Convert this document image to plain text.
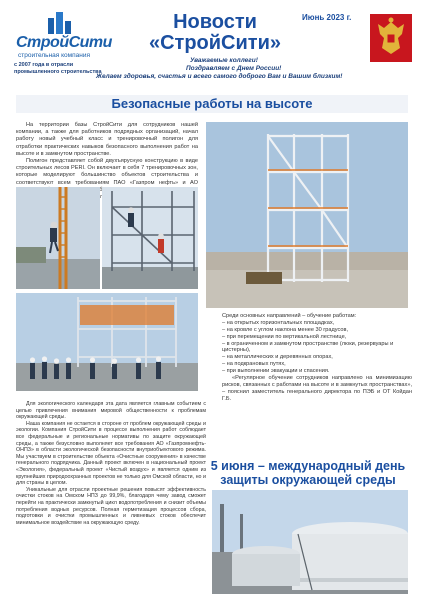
СтройСити
строительная компания
с 2007 года в отрасли промышленного строительства
Новости
«СтройСити»
Июнь 2023 г.
Уважаемые коллеги!
Поздравляем с Днем России!
Желаем здоровья, счастья и всего самого доброго Вам и Вашим близким!
Безопасные работы на высоте
На территории базы СтройСити для сотрудников нашей компании, а также для работников подрядных организаций, начал работу новый учебный класс и тренировочный полигон для отработки практических навыков безопасного выполнения работ на высоте и в замкнутом пространстве.
Полигон представляет собой двухъярусную конструкцию в виде строительных лесов PERI. Он включает в себя 7 тренировочных зон, которые моделируют большинство объектов строительства и соответствуют всем требованиям ПАО «Газпром нефть» и АО
Среди основных направлений – обучение работам:
– на открытых горизонтальных площадках,
– на кровле с углом наклона менее 30 градусов,
– при перемещении по вертикальной лестнице,
– в ограниченном и замкнутом пространстве (люки, резервуары и цистерны),
– на металлических и деревянных опорах,
– на подкрановых путях,
– при выполнении эвакуации и спасения.
«Регулярное обучение сотрудников направлено на минимизацию рисков, связанных с работами на высоте и в замкнутых пространствах», – пояснил заместитель генерального директора по ПЭБ и ОТ Койдан Г.Б.
5 июня – международный день защиты окружающей среды
Для экологического календаря эта дата является главным событием с целью привлечения внимания мировой общественности к проблемам окружающей среды.
Наша компания не остается в стороне от проблем окружающей среды и экологии. Компания СтройСити в процессе выполнения работ соблюдает все федеральные и региональные нормативы по защите окружающей среды, а также безусловно выполняет все требования АО «Газпромнефть-ОНПЗ» в области экологической безопасности внутриобъектового режима. Мы участвуем в строительстве объекта «Очистные сооружения» в качестве генерального подрядчика. Данный проект включен в национальный проект «Экология», федеральный проект «Чистый воздух» и является одним из крупнейших природоохранных проектов не только для Омской области, но и для страны в целом.
Уникальные для отрасли проектные решения повысят эффективность очистки стоков на Омском НПЗ до 99,9%, благодаря чему завод сможет перейти на практически замкнутый цикл водопотребления и снизит объемы потребления водных ресурсов. Полная герметизация процессов сбора, подготовки и очистки промышленных и ливневых стоков обеспечит минимальное воздействие на окружающую среду.
